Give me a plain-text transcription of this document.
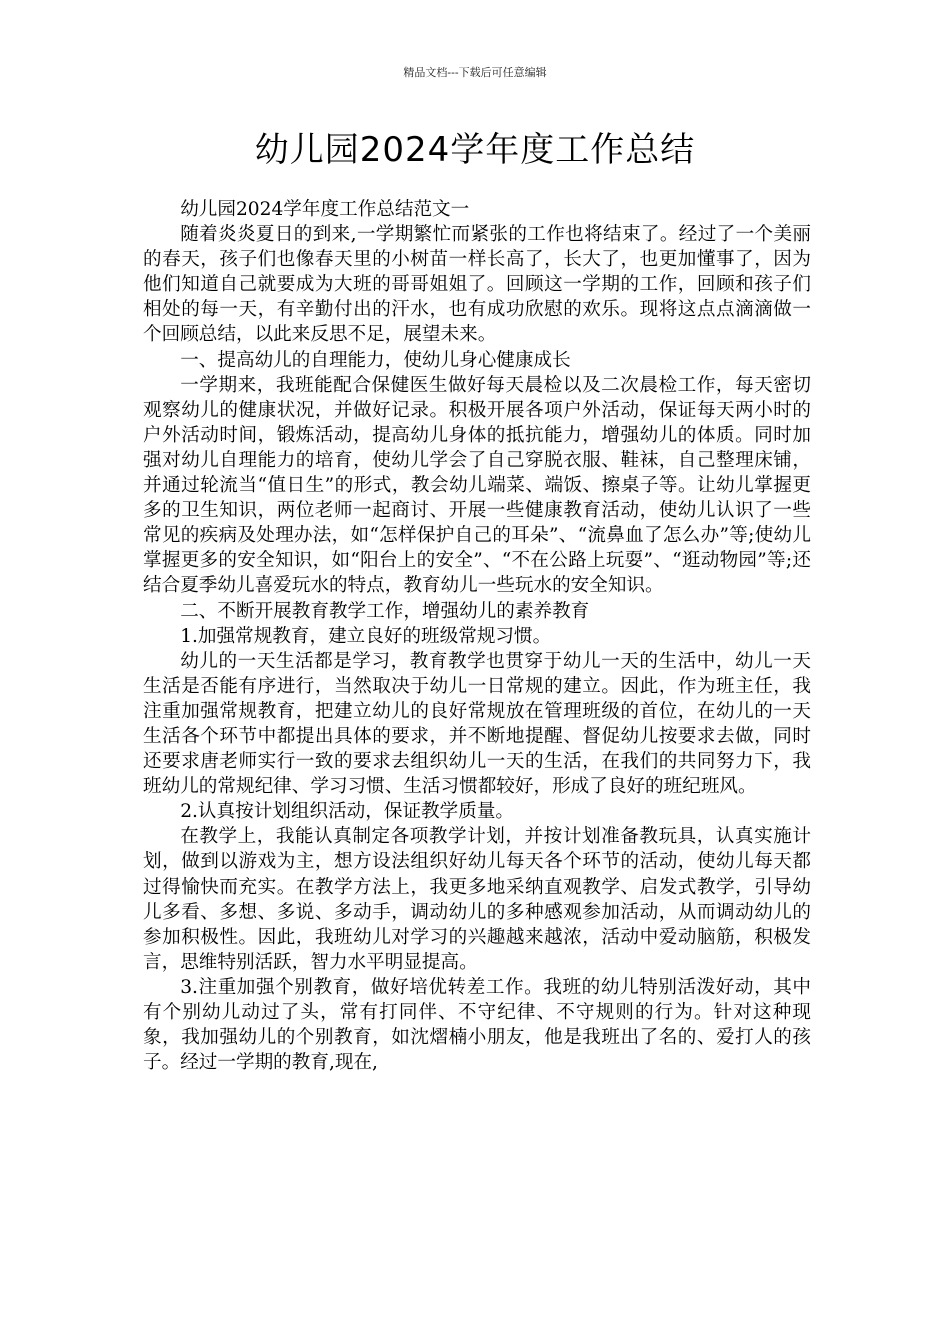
精品文档---下载后可任意编辑
幼儿园2024学年度工作总结

幼儿园2024学年度工作总结范文一

随着炎炎夏日的到来,一学期繁忙而紧张的工作也将结束了。经过了一个美丽的春天，孩子们也像春天里的小树苗一样长高了，长大了，也更加懂事了，因为他们知道自己就要成为大班的哥哥姐姐了。回顾这一学期的工作，回顾和孩子们相处的每一天，有辛勤付出的汗水，也有成功欣慰的欢乐。现将这点点滴滴做一个回顾总结，以此来反思不足，展望未来。

一、提高幼儿的自理能力，使幼儿身心健康成长

一学期来，我班能配合保健医生做好每天晨检以及二次晨检工作，每天密切观察幼儿的健康状况，并做好记录。积极开展各项户外活动，保证每天两小时的户外活动时间，锻炼活动，提高幼儿身体的抵抗能力，增强幼儿的体质。同时加强对幼儿自理能力的培育，使幼儿学会了自己穿脱衣服、鞋袜，自己整理床铺，并通过轮流当“值日生”的形式，教会幼儿端菜、端饭、擦桌子等。让幼儿掌握更多的卫生知识，两位老师一起商讨、开展一些健康教育活动，使幼儿认识了一些常见的疾病及处理办法，如“怎样保护自己的耳朵”、“流鼻血了怎么办”等;使幼儿掌握更多的安全知识，如“阳台上的安全”、“不在公路上玩耍”、“逛动物园”等;还结合夏季幼儿喜爱玩水的特点，教育幼儿一些玩水的安全知识。

二、不断开展教育教学工作，增强幼儿的素养教育

1.加强常规教育，建立良好的班级常规习惯。

幼儿的一天生活都是学习，教育教学也贯穿于幼儿一天的生活中，幼儿一天生活是否能有序进行，当然取决于幼儿一日常规的建立。因此，作为班主任，我注重加强常规教育，把建立幼儿的良好常规放在管理班级的首位，在幼儿的一天生活各个环节中都提出具体的要求，并不断地提醒、督促幼儿按要求去做，同时还要求唐老师实行一致的要求去组织幼儿一天的生活，在我们的共同努力下，我班幼儿的常规纪律、学习习惯、生活习惯都较好，形成了良好的班纪班风。

2.认真按计划组织活动，保证教学质量。

在教学上，我能认真制定各项教学计划，并按计划准备教玩具，认真实施计划，做到以游戏为主，想方设法组织好幼儿每天各个环节的活动，使幼儿每天都过得愉快而充实。在教学方法上，我更多地采纳直观教学、启发式教学，引导幼儿多看、多想、多说、多动手，调动幼儿的多种感观参加活动，从而调动幼儿的参加积极性。因此，我班幼儿对学习的兴趣越来越浓，活动中爱动脑筋，积极发言，思维特别活跃，智力水平明显提高。

3.注重加强个别教育，做好培优转差工作。我班的幼儿特别活泼好动，其中有个别幼儿动过了头，常有打同伴、不守纪律、不守规则的行为。针对这种现象，我加强幼儿的个别教育，如沈熠楠小朋友，他是我班出了名的、爱打人的孩子。经过一学期的教育,现在,
